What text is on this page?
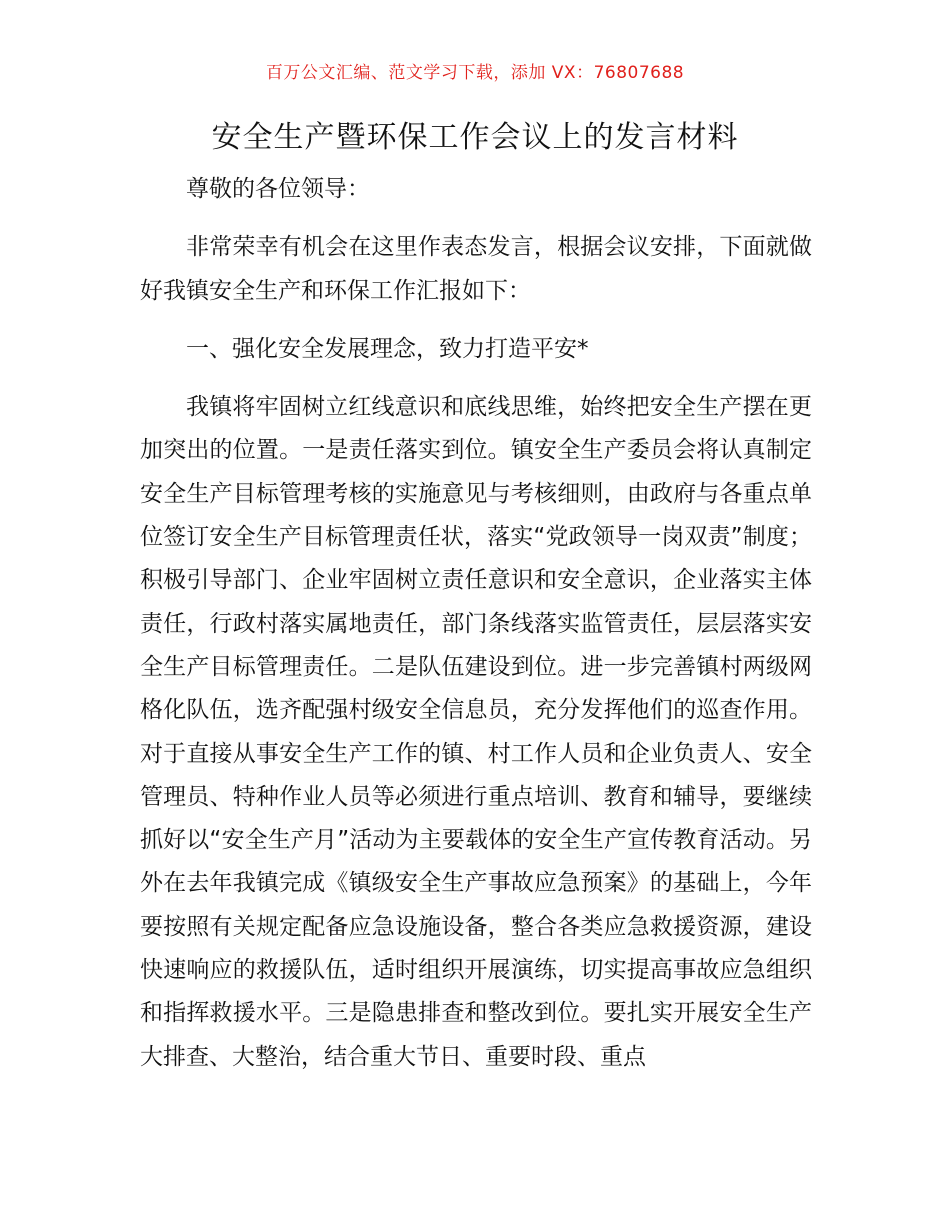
百万公文汇编、范文学习下载，添加 VX：76807688
安全生产暨环保工作会议上的发言材料

尊敬的各位领导：

非常荣幸有机会在这里作表态发言，根据会议安排，下面就做好我镇安全生产和环保工作汇报如下：

一、强化安全发展理念，致力打造平安*

我镇将牢固树立红线意识和底线思维，始终把安全生产摆在更加突出的位置。一是责任落实到位。镇安全生产委员会将认真制定安全生产目标管理考核的实施意见与考核细则，由政府与各重点单位签订安全生产目标管理责任状，落实“党政领导一岗双责”制度；积极引导部门、企业牢固树立责任意识和安全意识，企业落实主体责任，行政村落实属地责任，部门条线落实监管责任，层层落实安全生产目标管理责任。二是队伍建设到位。进一步完善镇村两级网格化队伍，选齐配强村级安全信息员，充分发挥他们的巡查作用。对于直接从事安全生产工作的镇、村工作人员和企业负责人、安全管理员、特种作业人员等必须进行重点培训、教育和辅导，要继续抓好以“安全生产月”活动为主要载体的安全生产宣传教育活动。另外在去年我镇完成《镇级安全生产事故应急预案》的基础上，今年要按照有关规定配备应急设施设备，整合各类应急救援资源，建设快速响应的救援队伍，适时组织开展演练，切实提高事故应急组织和指挥救援水平。三是隐患排查和整改到位。要扎实开展安全生产大排查、大整治，结合重大节日、重要时段、重点
